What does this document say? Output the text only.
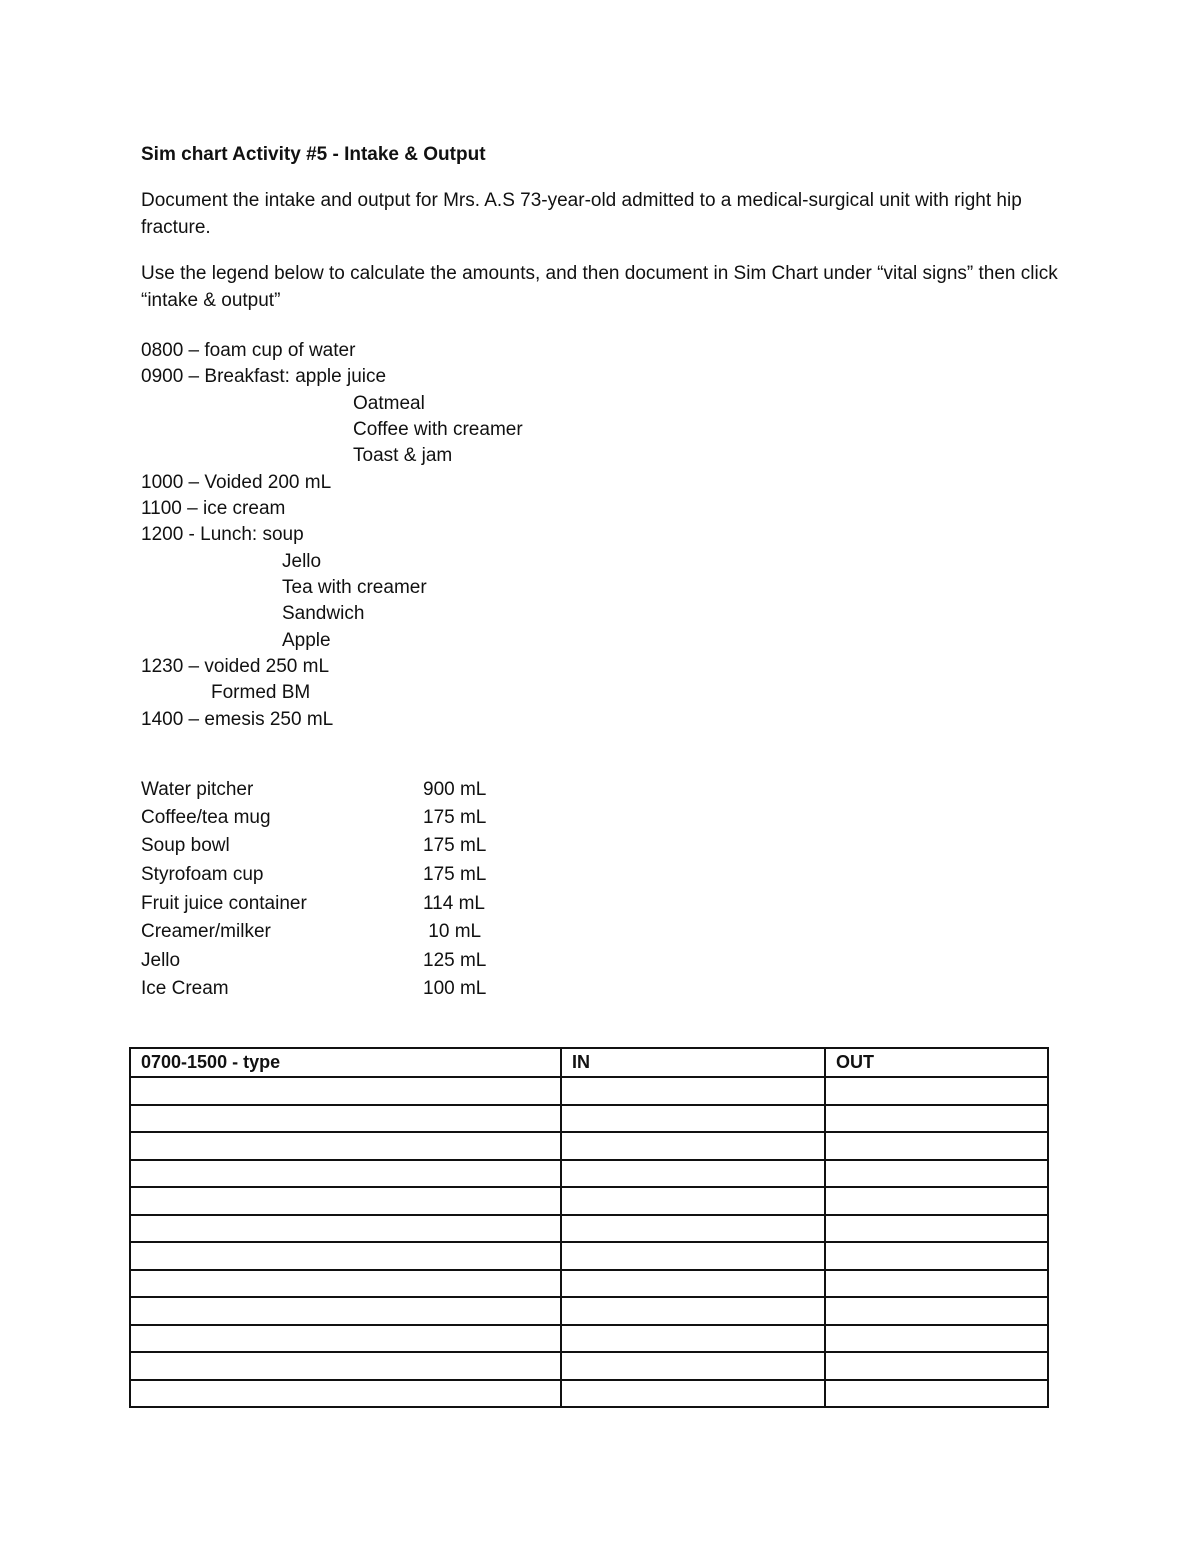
Sim chart Activity #5 - Intake & Output
Document the intake and output for Mrs. A.S 73-year-old admitted to a medical-surgical unit with right hip fracture.
Use the legend below to calculate the amounts, and then document in Sim Chart under “vital signs” then click “intake & output”
0800 – foam cup of water
0900 – Breakfast: apple juice
Oatmeal
Coffee with creamer
Toast & jam
1000 – Voided 200 mL
1100 – ice cream
1200 - Lunch: soup
Jello
Tea with creamer
Sandwich
Apple
1230 – voided 250 mL
Formed BM
1400 – emesis 250 mL
Water pitcher	900 mL
Coffee/tea mug	175 mL
Soup bowl	175 mL
Styrofoam cup	175 mL
Fruit juice container	114 mL
Creamer/milker	10 mL
Jello	125 mL
Ice Cream	100 mL
0700-1500 - type	IN	OUT
